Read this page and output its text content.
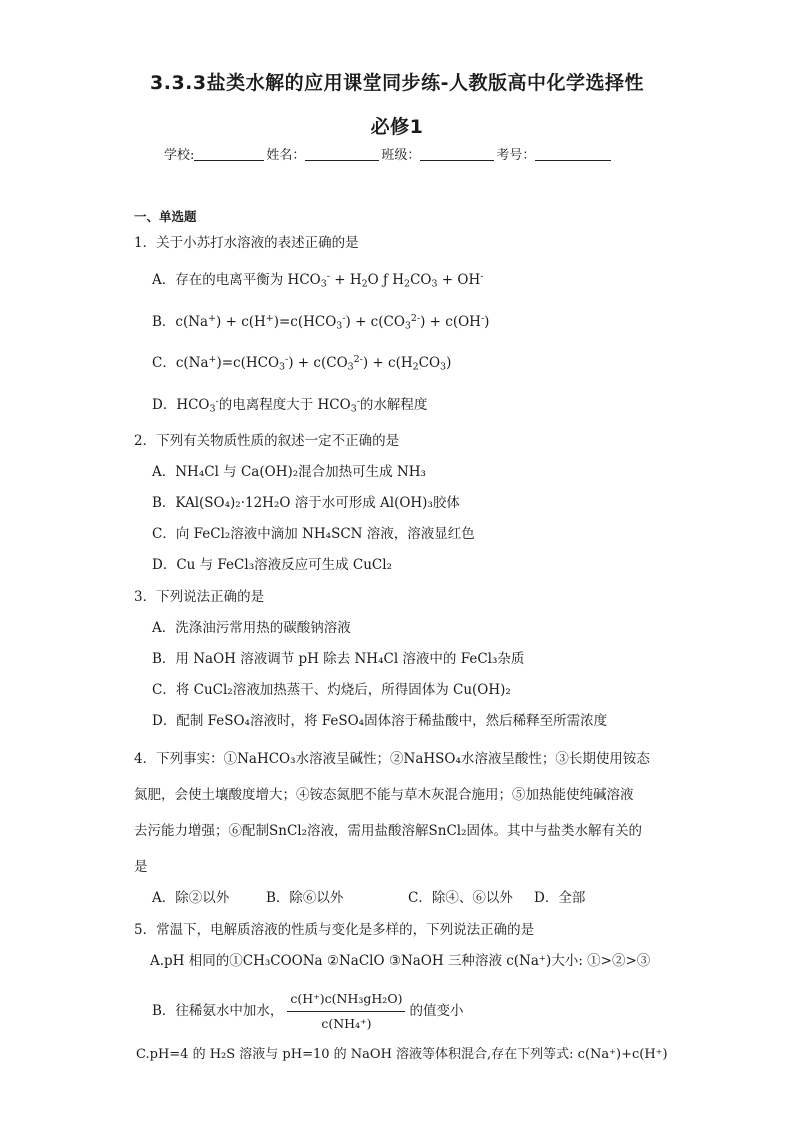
3.3.3盐类水解的应用课堂同步练-人教版高中化学选择性
必修1
学校:	姓名：	班级：	考号：
一、单选题
1．关于小苏打水溶液的表述正确的是
A．存在的电离平衡为 $HCO_3^- + H_2O$ ƒ $H_2CO_3 + OH^-$
B．$c(Na^+) + c(H^+)=c(HCO_3^-) + c(CO_3^{2-}) + c(OH^-)$
C．$c(Na^+)=c(HCO_3^-) + c(CO_3^{2-}) + c(H_2CO_3)$
D．$HCO_3^-$的电离程度大于 $HCO_3^-$的水解程度
2．下列有关物质性质的叙述一定不正确的是
A．NH₄Cl 与 Ca(OH)₂混合加热可生成 NH₃
B．KAl(SO₄)₂·12H₂O 溶于水可形成 Al(OH)₃胶体
C．向 FeCl₂溶液中滴加 NH₄SCN 溶液，溶液显红色
D．Cu 与 FeCl₃溶液反应可生成 CuCl₂
3．下列说法正确的是
A．洗涤油污常用热的碳酸钠溶液
B．用 NaOH 溶液调节 pH 除去 NH₄Cl 溶液中的 FeCl₃杂质
C．将 CuCl₂溶液加热蒸干、灼烧后，所得固体为 Cu(OH)₂
D．配制 FeSO₄溶液时，将 FeSO₄固体溶于稀盐酸中，然后稀释至所需浓度
4．下列事实：①NaHCO₃水溶液呈碱性；②NaHSO₄水溶液呈酸性；③长期使用铵态
氮肥，会使土壤酸度增大；④铵态氮肥不能与草木灰混合施用；⑤加热能使纯碱溶液
去污能力增强；⑥配制SnCl₂溶液，需用盐酸溶解SnCl₂固体。其中与盐类水解有关的
是
A．除②以外	B．除⑥以外	C．除④、⑥以外 D．全部
5．常温下，电解质溶液的性质与变化是多样的，下列说法正确的是
A.pH 相同的①CH₃COONa ②NaClO ③NaOH 三种溶液 c(Na⁺)大小: ①>②>③
B．往稀氨水中加水， $\frac{\text{c(H⁺)c(NH₃gH₂O)}}{\text{c(NH₄⁺)}}$ 的值变小
C.pH=4 的 H₂S 溶液与 pH=10 的 NaOH 溶液等体积混合,存在下列等式: c(Na⁺)+c(H⁺)
